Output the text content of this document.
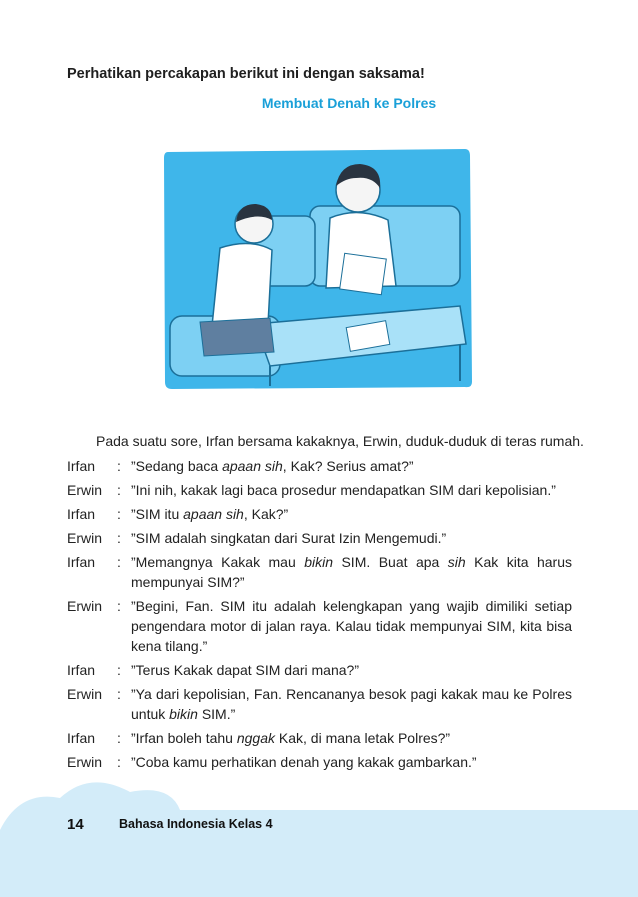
Perhatikan percakapan berikut ini dengan saksama!
Membuat Denah ke Polres
Pada suatu sore, Irfan bersama kakaknya, Erwin, duduk-duduk di teras rumah.
Irfan	: ”Sedang baca apaan sih, Kak? Serius amat?”
Erwin	: ”Ini nih, kakak lagi baca prosedur mendapatkan SIM dari kepolisian.”
Irfan	: ”SIM itu apaan sih, Kak?”
Erwin	: ”SIM adalah singkatan dari Surat Izin Mengemudi.”
Irfan	: ”Memangnya Kakak mau bikin SIM. Buat apa sih Kak kita harus mempunyai SIM?”
Erwin	: ”Begini, Fan. SIM itu adalah kelengkapan yang wajib dimiliki setiap pengendara motor di jalan raya. Kalau tidak mempunyai SIM, kita bisa kena tilang.”
Irfan	: ”Terus Kakak dapat SIM dari mana?”
Erwin	: ”Ya dari kepolisian, Fan. Rencananya besok pagi kakak mau ke Polres untuk bikin SIM.”
Irfan	: ”Irfan boleh tahu nggak Kak, di mana letak Polres?”
Erwin	: ”Coba kamu perhatikan denah yang kakak gambarkan.”
14	Bahasa Indonesia Kelas 4
